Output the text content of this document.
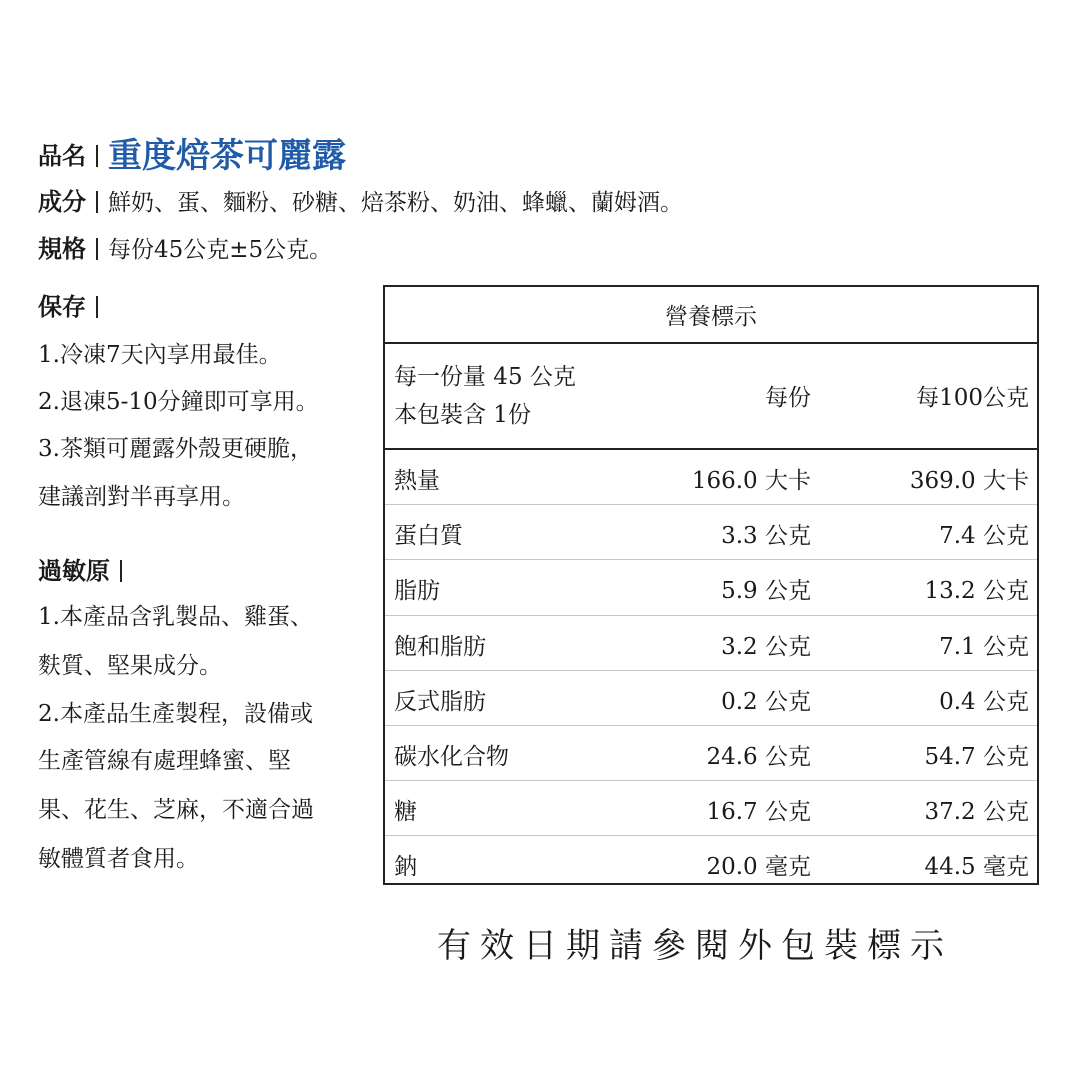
品名 重度焙茶可麗露
成分 鮮奶、蛋、麵粉、砂糖、焙茶粉、奶油、蜂蠟、蘭姆酒。
規格 每份45公克±5公克。
保存
1.冷凍7天內享用最佳。
2.退凍5-10分鐘即可享用。
3.茶類可麗露外殼更硬脆，
建議剖對半再享用。
過敏原
1.本產品含乳製品、雞蛋、
麩質、堅果成分。
2.本產品生產製程，設備或
生產管線有處理蜂蜜、堅
果、花生、芝麻，不適合過
敏體質者食用。
營養標示
每一份量 45 公克
本包裝含 1份
每份	每100公克
熱量	166.0 大卡	369.0 大卡
蛋白質	3.3 公克	7.4 公克
脂肪	5.9 公克	13.2 公克
飽和脂肪	3.2 公克	7.1 公克
反式脂肪	0.2 公克	0.4 公克
碳水化合物	24.6 公克	54.7 公克
糖	16.7 公克	37.2 公克
鈉	20.0 毫克	44.5 毫克
有效日期請參閱外包裝標示
